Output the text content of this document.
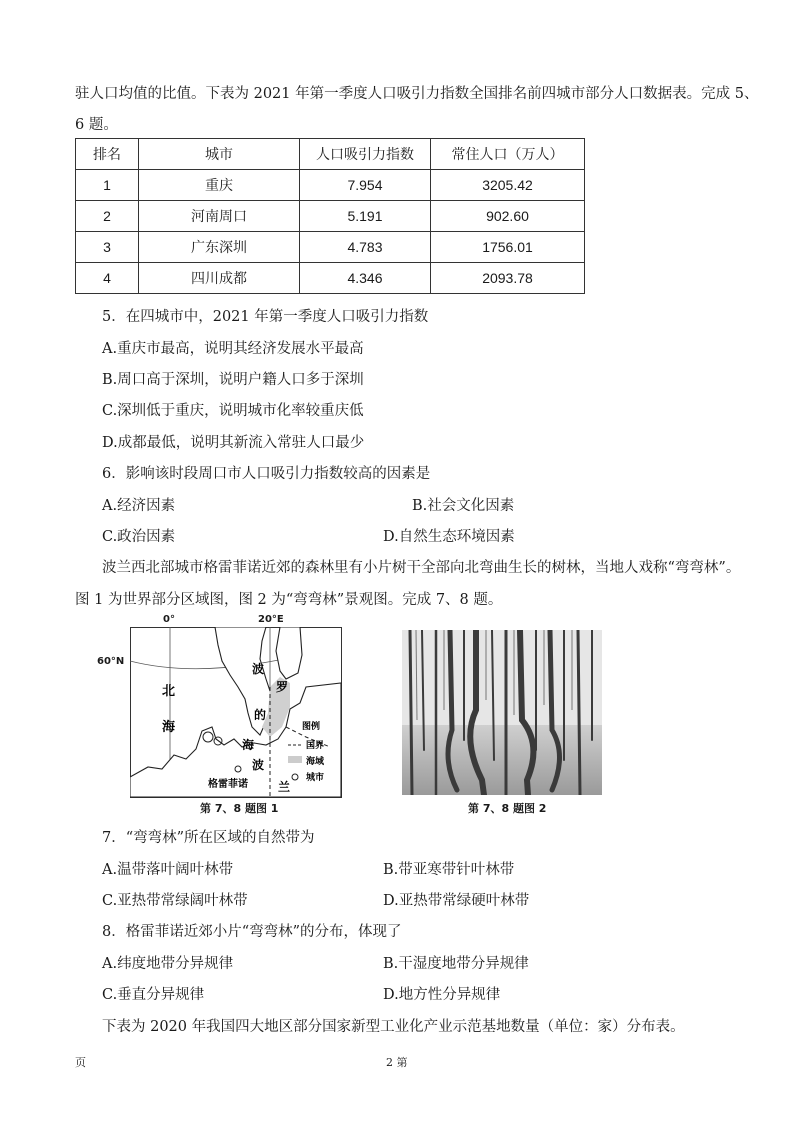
驻人口均值的比值。下表为 2021 年第一季度人口吸引力指数全国排名前四城市部分人口数据表。完成 5、
6 题。
排名	城市	人口吸引力指数	常住人口（万人）
1	重庆	7.954	3205.42
2	河南周口	5.191	902.60
3	广东深圳	4.783	1756.01
4	四川成都	4.346	2093.78
5．在四城市中，2021 年第一季度人口吸引力指数
A.重庆市最高，说明其经济发展水平最高
B.周口高于深圳，说明户籍人口多于深圳
C.深圳低于重庆，说明城市化率较重庆低
D.成都最低，说明其新流入常驻人口最少
6．影响该时段周口市人口吸引力指数较高的因素是
A.经济因素	B.社会文化因素
C.政治因素	D.自然生态环境因素
波兰西北部城市格雷菲诺近郊的森林里有小片树干全部向北弯曲生长的树林，当地人戏称“弯弯林”。
图 1 为世界部分区域图，图 2 为“弯弯林”景观图。完成 7、8 题。
北
海
波
罗
的
海
波
兰
格雷菲诺
图例
国界
海域
城市
60°N
0°	20°E
第 7、8 题图 1	第 7、8 题图 2
7．“弯弯林”所在区域的自然带为
A.温带落叶阔叶林带	B.带亚寒带针叶林带
C.亚热带常绿阔叶林带	D.亚热带常绿硬叶林带
8．格雷菲诺近郊小片“弯弯林”的分布，体现了
A.纬度地带分异规律	B.干湿度地带分异规律
C.垂直分异规律	D.地方性分异规律
下表为 2020 年我国四大地区部分国家新型工业化产业示范基地数量（单位：家）分布表。
页	2 第
